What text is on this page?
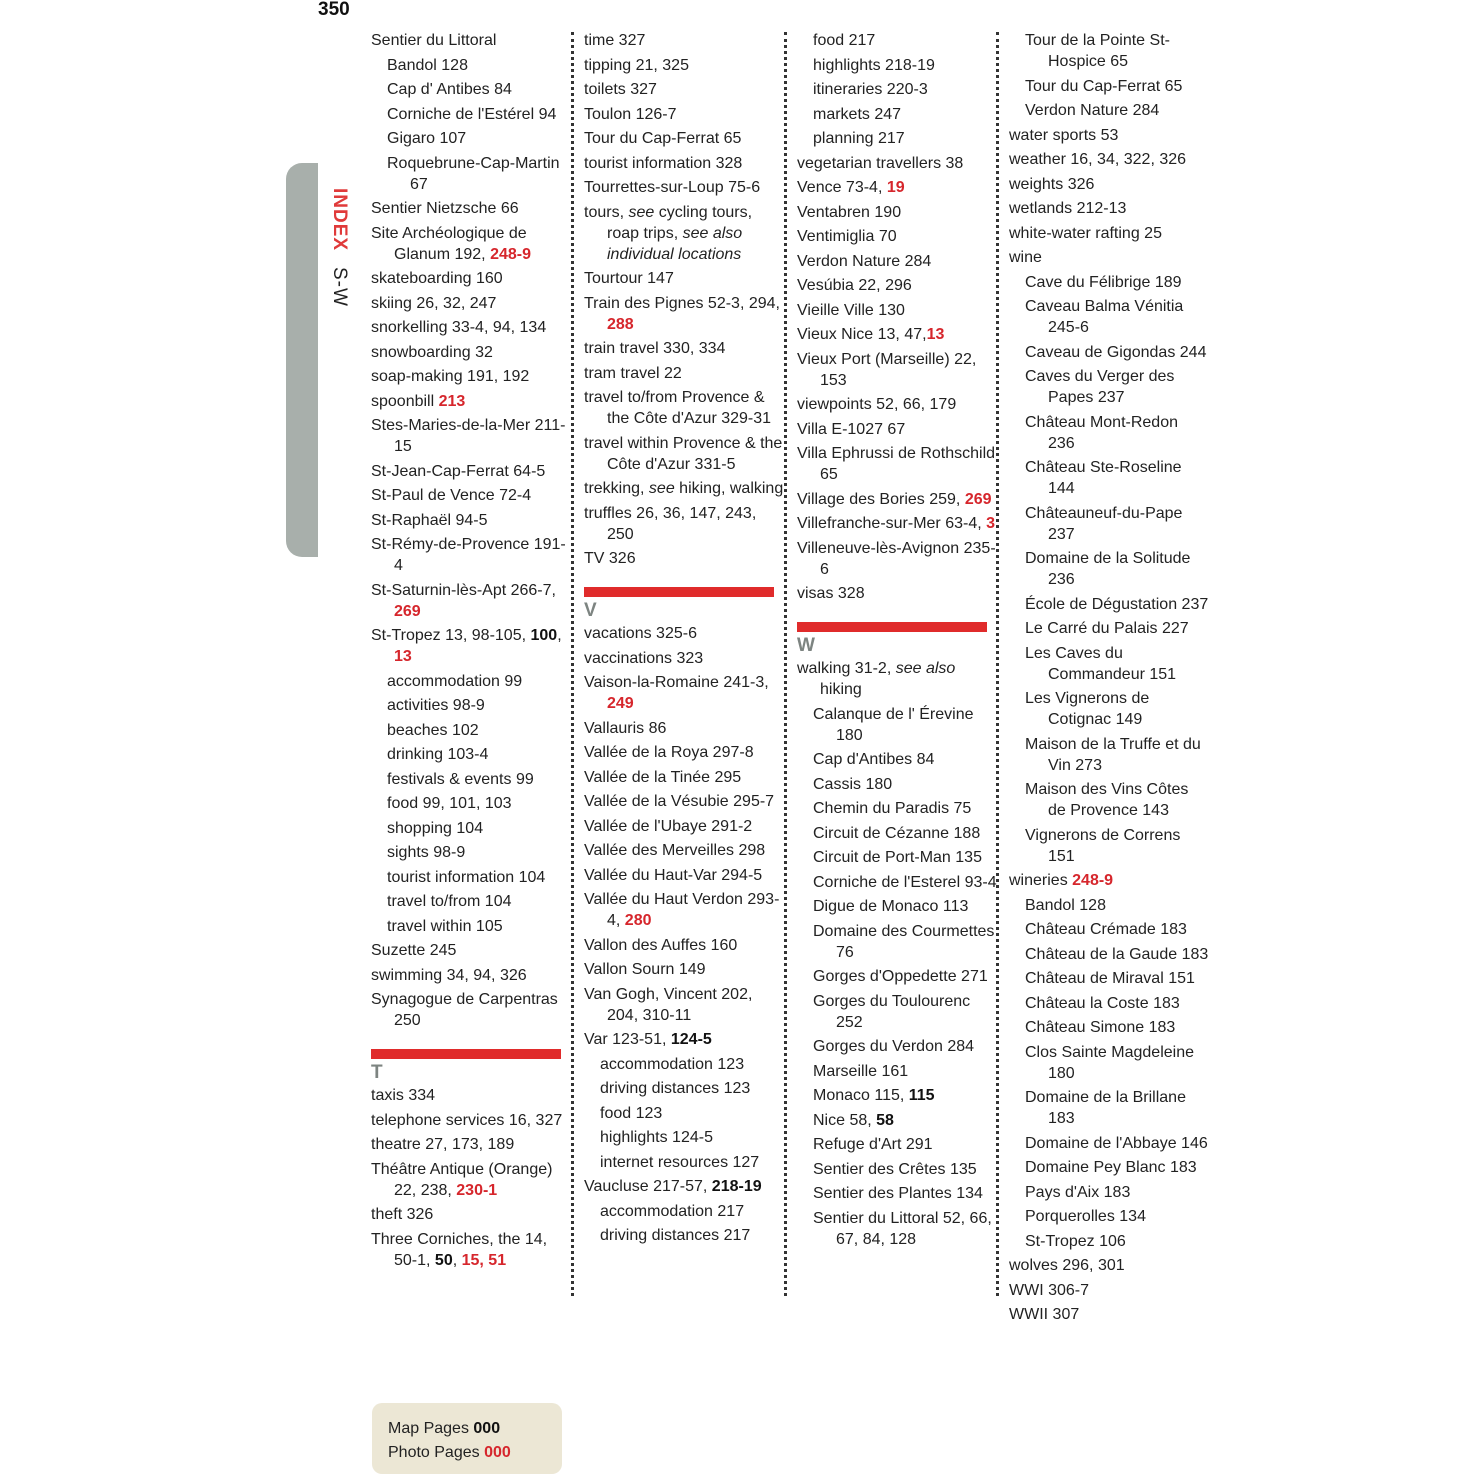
350
INDEX S-W
Sentier du Littoral
Bandol 128
Cap d' Antibes 84
Corniche de l'Estérel 94
Gigaro 107
Roquebrune-Cap-Martin 67
Sentier Nietzsche 66
Site Archéologique de Glanum 192, 248-9
skateboarding 160
skiing 26, 32, 247
snorkelling 33-4, 94, 134
snowboarding 32
soap-making 191, 192
spoonbill 213
Stes-Maries-de-la-Mer 211-15
St-Jean-Cap-Ferrat 64-5
St-Paul de Vence 72-4
St-Raphaël 94-5
St-Rémy-de-Provence 191-4
St-Saturnin-lès-Apt 266-7, 269
St-Tropez 13, 98-105, 100, 13
accommodation 99
activities 98-9
beaches 102
drinking 103-4
festivals & events 99
food 99, 101, 103
shopping 104
sights 98-9
tourist information 104
travel to/from 104
travel within 105
Suzette 245
swimming 34, 94, 326
Synagogue de Carpentras 250
T
taxis 334
telephone services 16, 327
theatre 27, 173, 189
Théâtre Antique (Orange) 22, 238, 230-1
theft 326
Three Corniches, the 14, 50-1, 50, 15, 51
time 327
tipping 21, 325
toilets 327
Toulon 126-7
Tour du Cap-Ferrat 65
tourist information 328
Tourrettes-sur-Loup 75-6
tours, see cycling tours, roap trips, see also individual locations
Tourtour 147
Train des Pignes 52-3, 294, 288
train travel 330, 334
tram travel 22
travel to/from Provence & the Côte d'Azur 329-31
travel within Provence & the Côte d'Azur 331-5
trekking, see hiking, walking
truffles 26, 36, 147, 243, 250
TV 326
V
vacations 325-6
vaccinations 323
Vaison-la-Romaine 241-3, 249
Vallauris 86
Vallée de la Roya 297-8
Vallée de la Tinée 295
Vallée de la Vésubie 295-7
Vallée de l'Ubaye 291-2
Vallée des Merveilles 298
Vallée du Haut-Var 294-5
Vallée du Haut Verdon 293-4, 280
Vallon des Auffes 160
Vallon Sourn 149
Van Gogh, Vincent 202, 204, 310-11
Var 123-51, 124-5
accommodation 123
driving distances 123
food 123
highlights 124-5
internet resources 127
Vaucluse 217-57, 218-19
accommodation 217
driving distances 217
food 217
highlights 218-19
itineraries 220-3
markets 247
planning 217
vegetarian travellers 38
Vence 73-4, 19
Ventabren 190
Ventimiglia 70
Verdon Nature 284
Vesúbia 22, 296
Vieille Ville 130
Vieux Nice 13, 47,13
Vieux Port (Marseille) 22, 153
viewpoints 52, 66, 179
Villa E-1027 67
Villa Ephrussi de Rothschild 65
Village des Bories 259, 269
Villefranche-sur-Mer 63-4, 3
Villeneuve-lès-Avignon 235-6
visas 328
W
walking 31-2, see also hiking
Calanque de l' Érevine 180
Cap d'Antibes 84
Cassis 180
Chemin du Paradis 75
Circuit de Cézanne 188
Circuit de Port-Man 135
Corniche de l'Esterel 93-4
Digue de Monaco 113
Domaine des Courmettes 76
Gorges d'Oppedette 271
Gorges du Toulourenc 252
Gorges du Verdon 284
Marseille 161
Monaco 115, 115
Nice 58, 58
Refuge d'Art 291
Sentier des Crêtes 135
Sentier des Plantes 134
Sentier du Littoral 52, 66, 67, 84, 128
Tour de la Pointe St-Hospice 65
Tour du Cap-Ferrat 65
Verdon Nature 284
water sports 53
weather 16, 34, 322, 326
weights 326
wetlands 212-13
white-water rafting 25
wine
Cave du Félibrige 189
Caveau Balma Vénitia 245-6
Caveau de Gigondas 244
Caves du Verger des Papes 237
Château Mont-Redon 236
Château Ste-Roseline 144
Châteauneuf-du-Pape 237
Domaine de la Solitude 236
École de Dégustation 237
Le Carré du Palais 227
Les Caves du Commandeur 151
Les Vignerons de Cotignac 149
Maison de la Truffe et du Vin 273
Maison des Vins Côtes de Provence 143
Vignerons de Correns 151
wineries 248-9
Bandol 128
Château Crémade 183
Château de la Gaude 183
Château de Miraval 151
Château la Coste 183
Château Simone 183
Clos Sainte Magdeleine 180
Domaine de la Brillane 183
Domaine de l'Abbaye 146
Domaine Pey Blanc 183
Pays d'Aix 183
Porquerolles 134
St-Tropez 106
wolves 296, 301
WWI 306-7
WWII 307
Map Pages 000
Photo Pages 000
